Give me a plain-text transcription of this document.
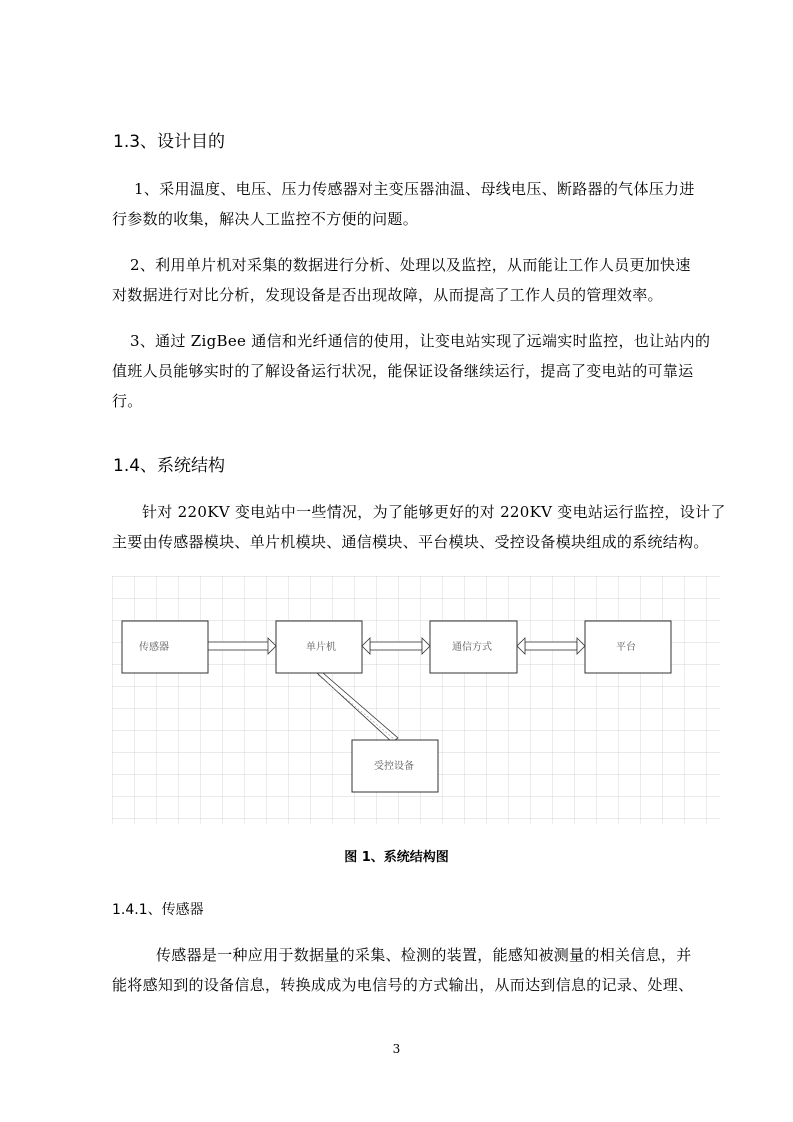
1.3、设计目的
1、采用温度、电压、压力传感器对主变压器油温、母线电压、断路器的气体压力进
行参数的收集，解决人工监控不方便的问题。
2、利用单片机对采集的数据进行分析、处理以及监控，从而能让工作人员更加快速
对数据进行对比分析，发现设备是否出现故障，从而提高了工作人员的管理效率。
3、通过 ZigBee 通信和光纤通信的使用，让变电站实现了远端实时监控，也让站内的
值班人员能够实时的了解设备运行状况，能保证设备继续运行，提高了变电站的可靠运
行。
1.4、系统结构
针对 220KV 变电站中一些情况，为了能够更好的对 220KV 变电站运行监控，设计了
主要由传感器模块、单片机模块、通信模块、平台模块、受控设备模块组成的系统结构。
传感器	单片机	通信方式	平台
受控设备
图 1、系统结构图
1.4.1、传感器
传感器是一种应用于数据量的采集、检测的装置，能感知被测量的相关信息，并
能将感知到的设备信息，转换成成为电信号的方式输出，从而达到信息的记录、处理、
3
